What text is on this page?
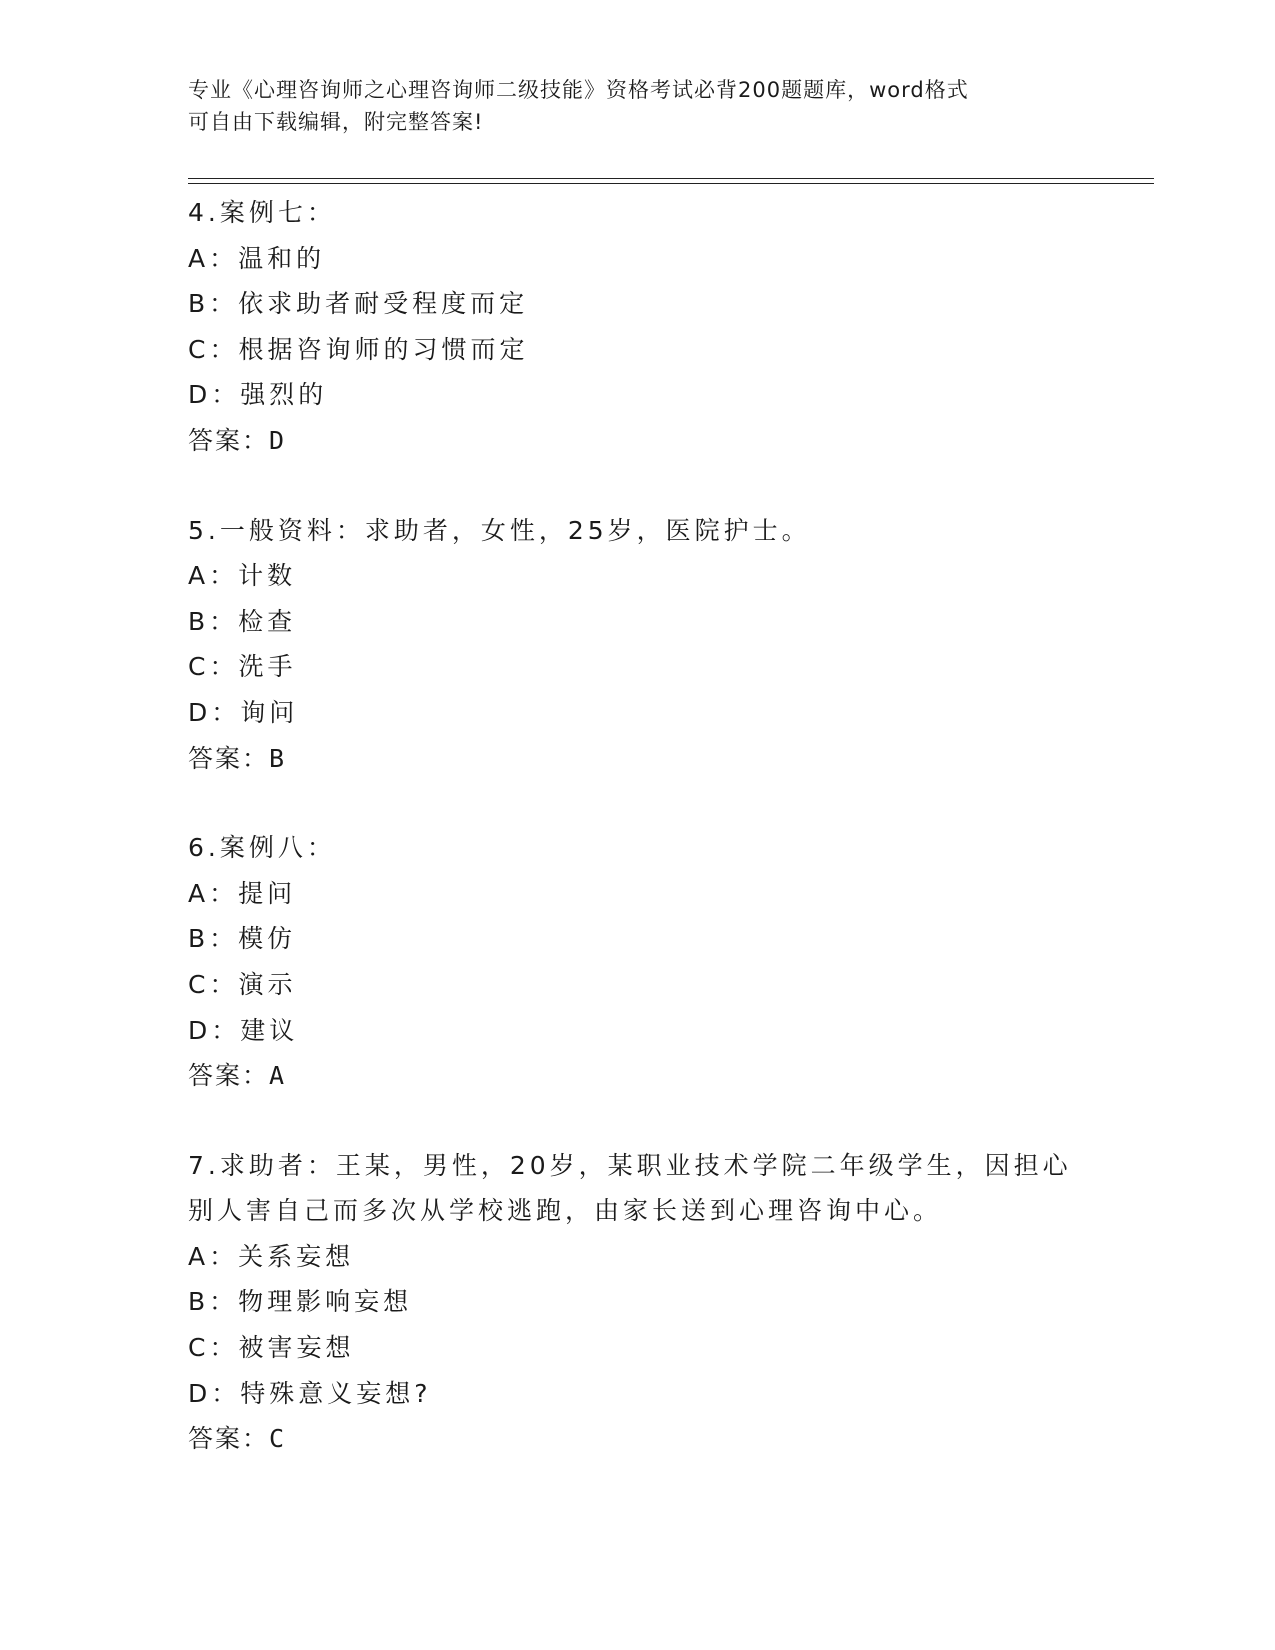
专业《心理咨询师之心理咨询师二级技能》资格考试必背200题题库，word格式
可自由下载编辑，附完整答案!
4.案例七：
A：温和的
B：依求助者耐受程度而定
C：根据咨询师的习惯而定
D：强烈的
答案：D
5.一般资料：求助者，女性，25岁，医院护士。
A：计数
B：检查
C：洗手
D：询问
答案：B
6.案例八：
A：提问
B：模仿
C：演示
D：建议
答案：A
7.求助者：王某，男性，20岁，某职业技术学院二年级学生，因担心别人害自己而多次从学校逃跑，由家长送到心理咨询中心。
A：关系妄想
B：物理影响妄想
C：被害妄想
D：特殊意义妄想?
答案：C
